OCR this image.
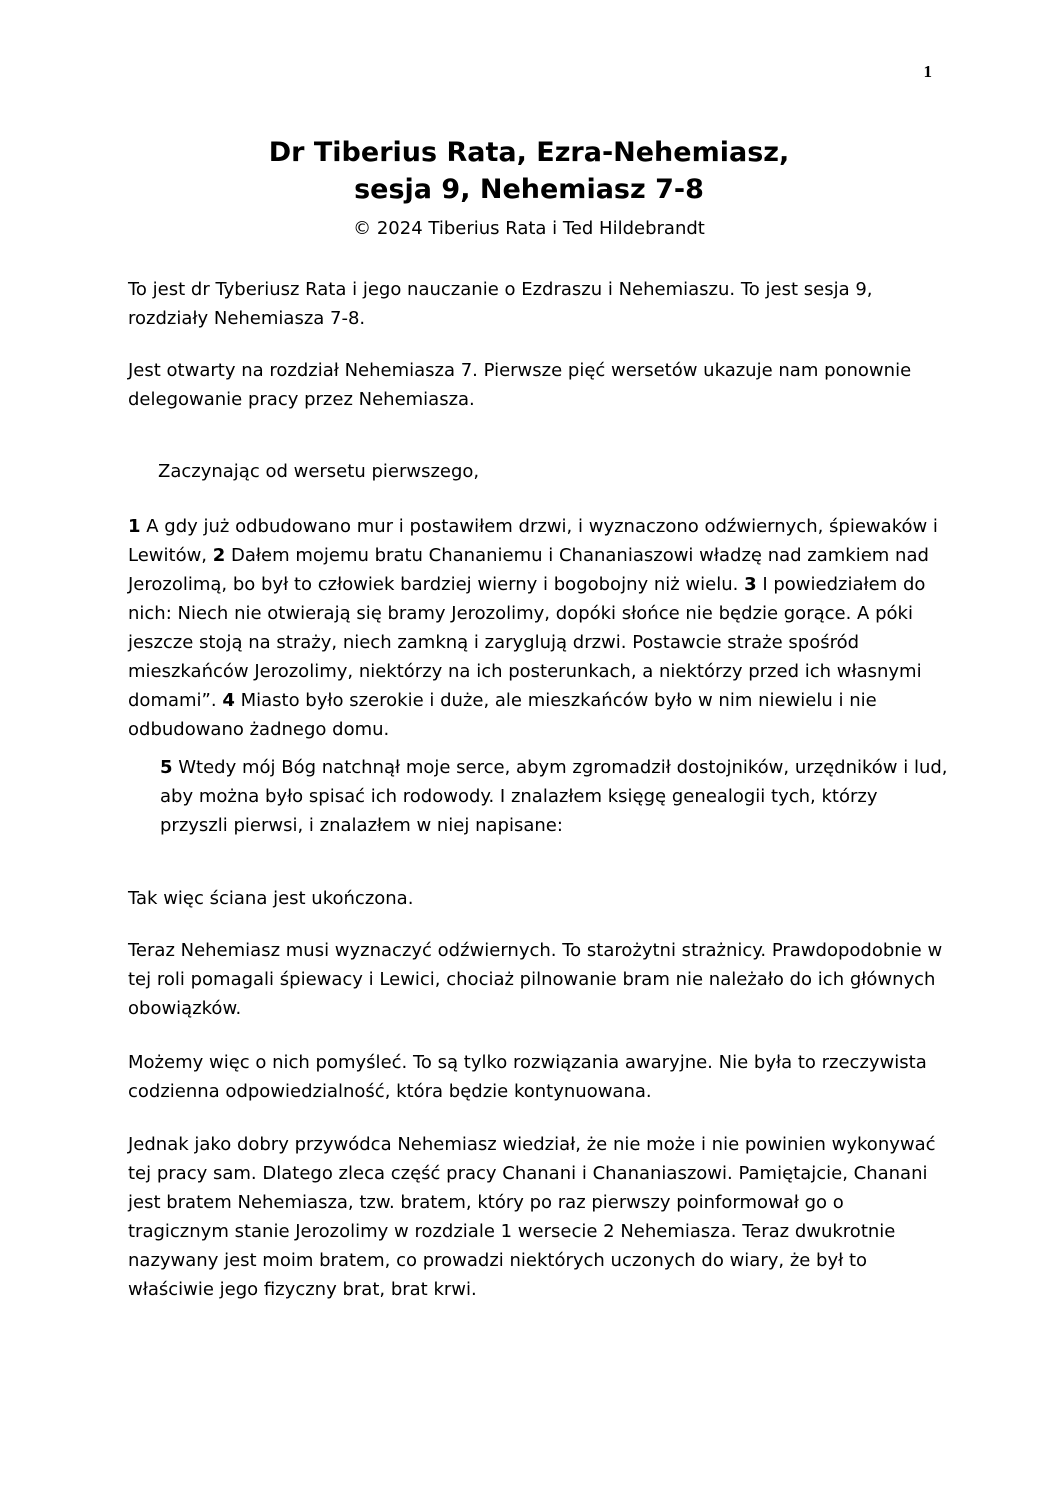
1
Dr Tiberius Rata, Ezra-Nehemiasz,
sesja 9, Nehemiasz 7-8
© 2024 Tiberius Rata i Ted Hildebrandt

To jest dr Tyberiusz Rata i jego nauczanie o Ezdraszu i Nehemiaszu. To jest sesja 9, rozdziały Nehemiasza 7-8.

Jest otwarty na rozdział Nehemiasza 7. Pierwsze pięć wersetów ukazuje nam ponownie delegowanie pracy przez Nehemiasza.

Zaczynając od wersetu pierwszego,

1 A gdy już odbudowano mur i postawiłem drzwi, i wyznaczono odźwiernych, śpiewaków i Lewitów, 2 Dałem mojemu bratu Chananiemu i Chananiaszowi władzę nad zamkiem nad Jerozolimą, bo był to człowiek bardziej wierny i bogobojny niż wielu. 3 I powiedziałem do nich: Niech nie otwierają się bramy Jerozolimy, dopóki słońce nie będzie gorące. A póki jeszcze stoją na straży, niech zamkną i zaryglują drzwi. Postawcie straże spośród mieszkańców Jerozolimy, niektórzy na ich posterunkach, a niektórzy przed ich własnymi domami”. 4 Miasto było szerokie i duże, ale mieszkańców było w nim niewielu i nie odbudowano żadnego domu.

5 Wtedy mój Bóg natchnął moje serce, abym zgromadził dostojników, urzędników i lud, aby można było spisać ich rodowody. I znalazłem księgę genealogii tych, którzy przyszli pierwsi, i znalazłem w niej napisane:

Tak więc ściana jest ukończona.

Teraz Nehemiasz musi wyznaczyć odźwiernych. To starożytni strażnicy. Prawdopodobnie w tej roli pomagali śpiewacy i Lewici, chociaż pilnowanie bram nie należało do ich głównych obowiązków.

Możemy więc o nich pomyśleć. To są tylko rozwiązania awaryjne. Nie była to rzeczywista codzienna odpowiedzialność, która będzie kontynuowana.

Jednak jako dobry przywódca Nehemiasz wiedział, że nie może i nie powinien wykonywać tej pracy sam. Dlatego zleca część pracy Chanani i Chananiaszowi. Pamiętajcie, Chanani jest bratem Nehemiasza, tzw. bratem, który po raz pierwszy poinformował go o tragicznym stanie Jerozolimy w rozdziale 1 wersecie 2 Nehemiasza. Teraz dwukrotnie nazywany jest moim bratem, co prowadzi niektórych uczonych do wiary, że był to właściwie jego fizyczny brat, brat krwi.
